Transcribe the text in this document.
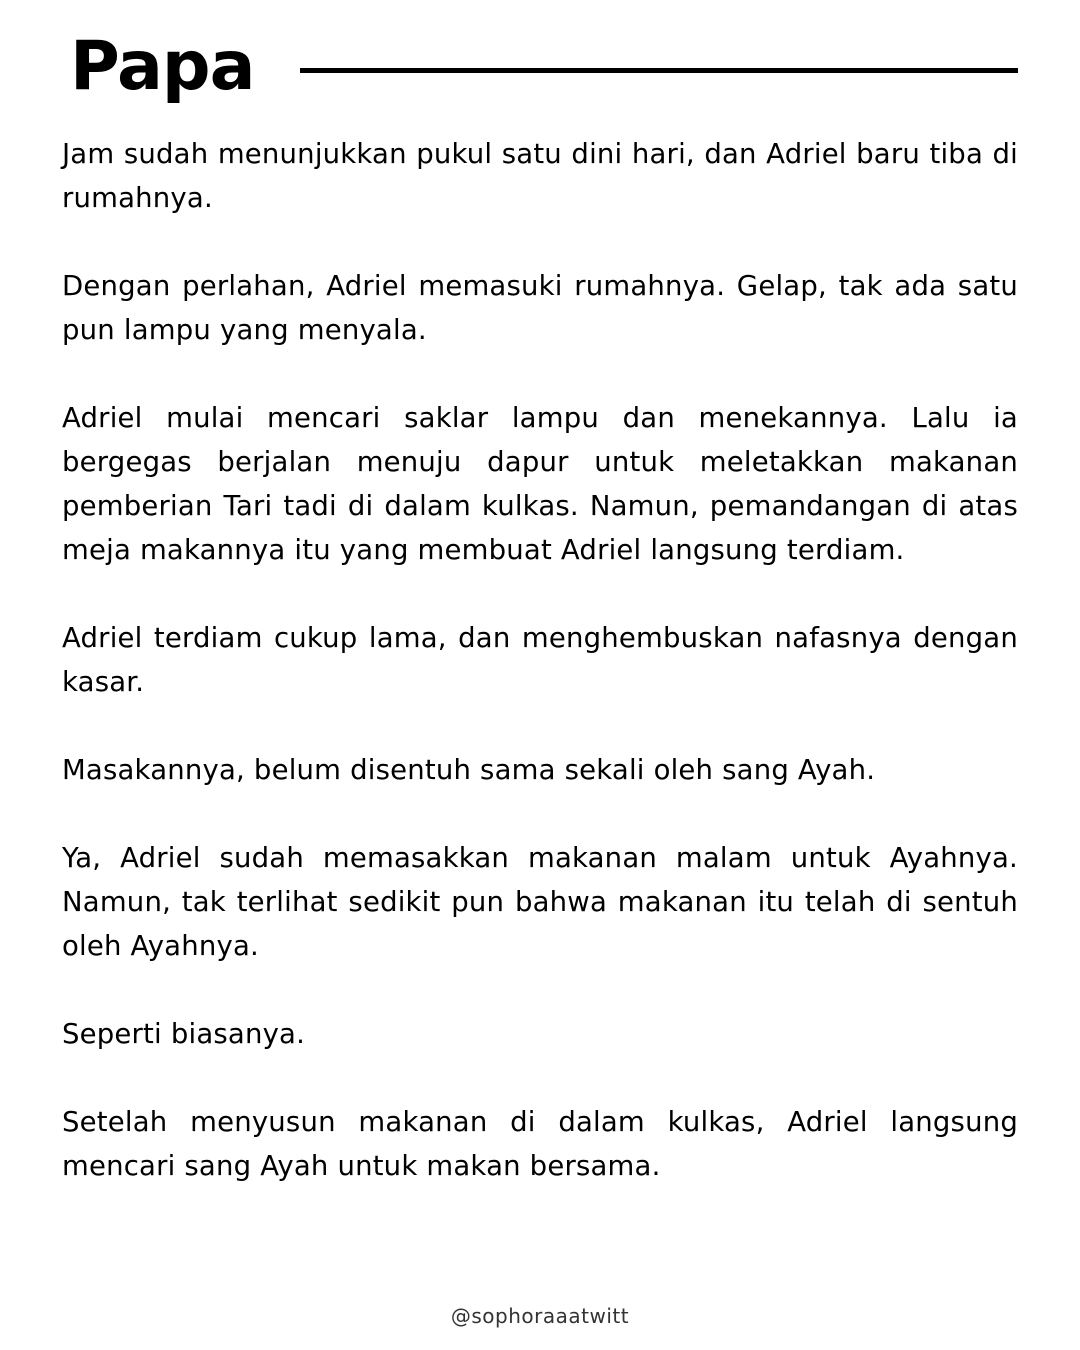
Papa

Jam sudah menunjukkan pukul satu dini hari, dan Adriel baru tiba di rumahnya.

Dengan perlahan, Adriel memasuki rumahnya. Gelap, tak ada satu pun lampu yang menyala.

Adriel mulai mencari saklar lampu dan menekannya. Lalu ia bergegas berjalan menuju dapur untuk meletakkan makanan pemberian Tari tadi di dalam kulkas. Namun, pemandangan di atas meja makannya itu yang membuat Adriel langsung terdiam.

Adriel terdiam cukup lama, dan menghembuskan nafasnya dengan kasar.

Masakannya, belum disentuh sama sekali oleh sang Ayah.

Ya, Adriel sudah memasakkan makanan malam untuk Ayahnya. Namun, tak terlihat sedikit pun bahwa makanan itu telah di sentuh oleh Ayahnya.

Seperti biasanya.

Setelah menyusun makanan di dalam kulkas, Adriel langsung mencari sang Ayah untuk makan bersama.

@sophoraaatwitt
